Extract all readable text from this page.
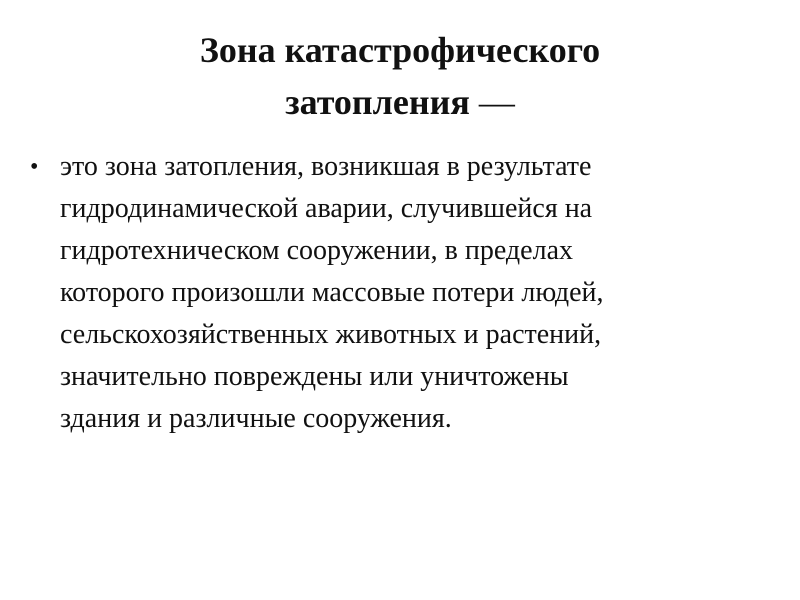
Зона катастрофического
затопления —
• это зона затопления, возникшая в результате
гидродинамической аварии, случившейся на
гидротехническом сооружении, в пределах
которого произошли массовые потери людей,
сельскохозяйственных животных и растений,
значительно повреждены или уничтожены
здания и различные сооружения.
